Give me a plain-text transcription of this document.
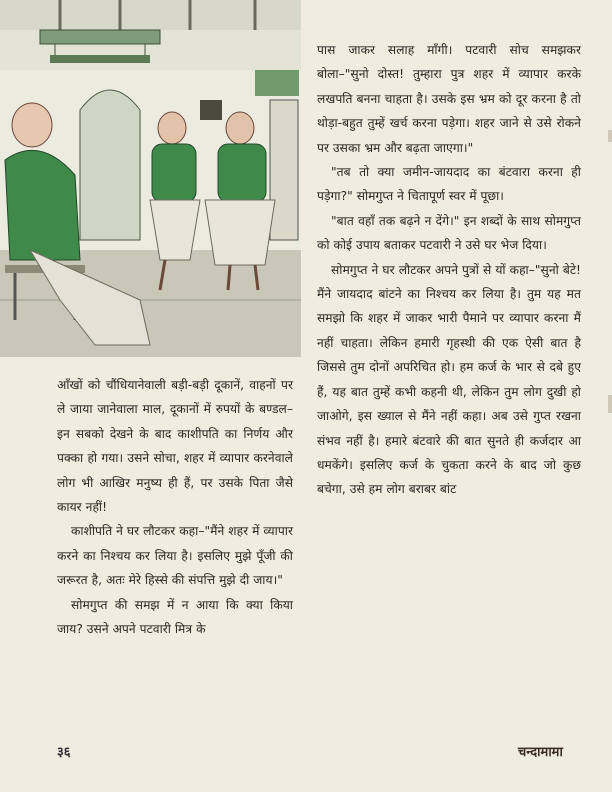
आँखों को चौंधियानेवाली बड़ी-बड़ी दूकानें, वाहनों पर ले जाया जानेवाला माल, दूकानों में रुपयों के बण्डल–इन सबको देखने के बाद काशीपति का निर्णय और पक्का हो गया। उसने सोचा, शहर में व्यापार करनेवाले लोग भी आखिर मनुष्य ही हैं, पर उसके पिता जैसे कायर नहीं!

काशीपति ने घर लौटकर कहा–"मैंने शहर में व्यापार करने का निश्चय कर लिया है। इसलिए मुझे पूँजी की जरूरत है, अतः मेरे हिस्से की संपत्ति मुझे दी जाय।"

सोमगुप्त की समझ में न आया कि क्या किया जाय? उसने अपने पटवारी मित्र के

पास जाकर सलाह माँगी। पटवारी सोच समझकर बोला–"सुनो दोस्त! तुम्हारा पुत्र शहर में व्यापार करके लखपति बनना चाहता है। उसके इस भ्रम को दूर करना है तो थोड़ा-बहुत तुम्हें खर्च करना पड़ेगा। शहर जाने से उसे रोकने पर उसका भ्रम और बढ़ता जाएगा।"

"तब तो क्या जमीन-जायदाद का बंटवारा करना ही पड़ेगा?" सोमगुप्त ने चितापूर्ण स्वर में पूछा।

"बात वहाँ तक बढ़ने न देंगे।" इन शब्दों के साथ सोमगुप्त को कोई उपाय बताकर पटवारी ने उसे घर भेज दिया।

सोमगुप्त ने घर लौटकर अपने पुत्रों से यों कहा–"सुनो बेटे! मैंने जायदाद बांटने का निश्चय कर लिया है। तुम यह मत समझो कि शहर में जाकर भारी पैमाने पर व्यापार करना मैं नहीं चाहता। लेकिन हमारी गृहस्थी की एक ऐसी बात है जिससे तुम दोनों अपरिचित हो। हम कर्ज के भार से दबे हुए हैं, यह बात तुम्हें कभी कहनी थी, लेकिन तुम लोग दुखी हो जाओगे, इस ख्याल से मैंने नहीं कहा। अब उसे गुप्त रखना संभव नहीं है। हमारे बंटवारे की बात सुनते ही कर्जदार आ धमकेंगे। इसलिए कर्ज के चुकता करने के बाद जो कुछ बचेगा, उसे हम लोग बराबर बांट

३६	चन्दामामा
